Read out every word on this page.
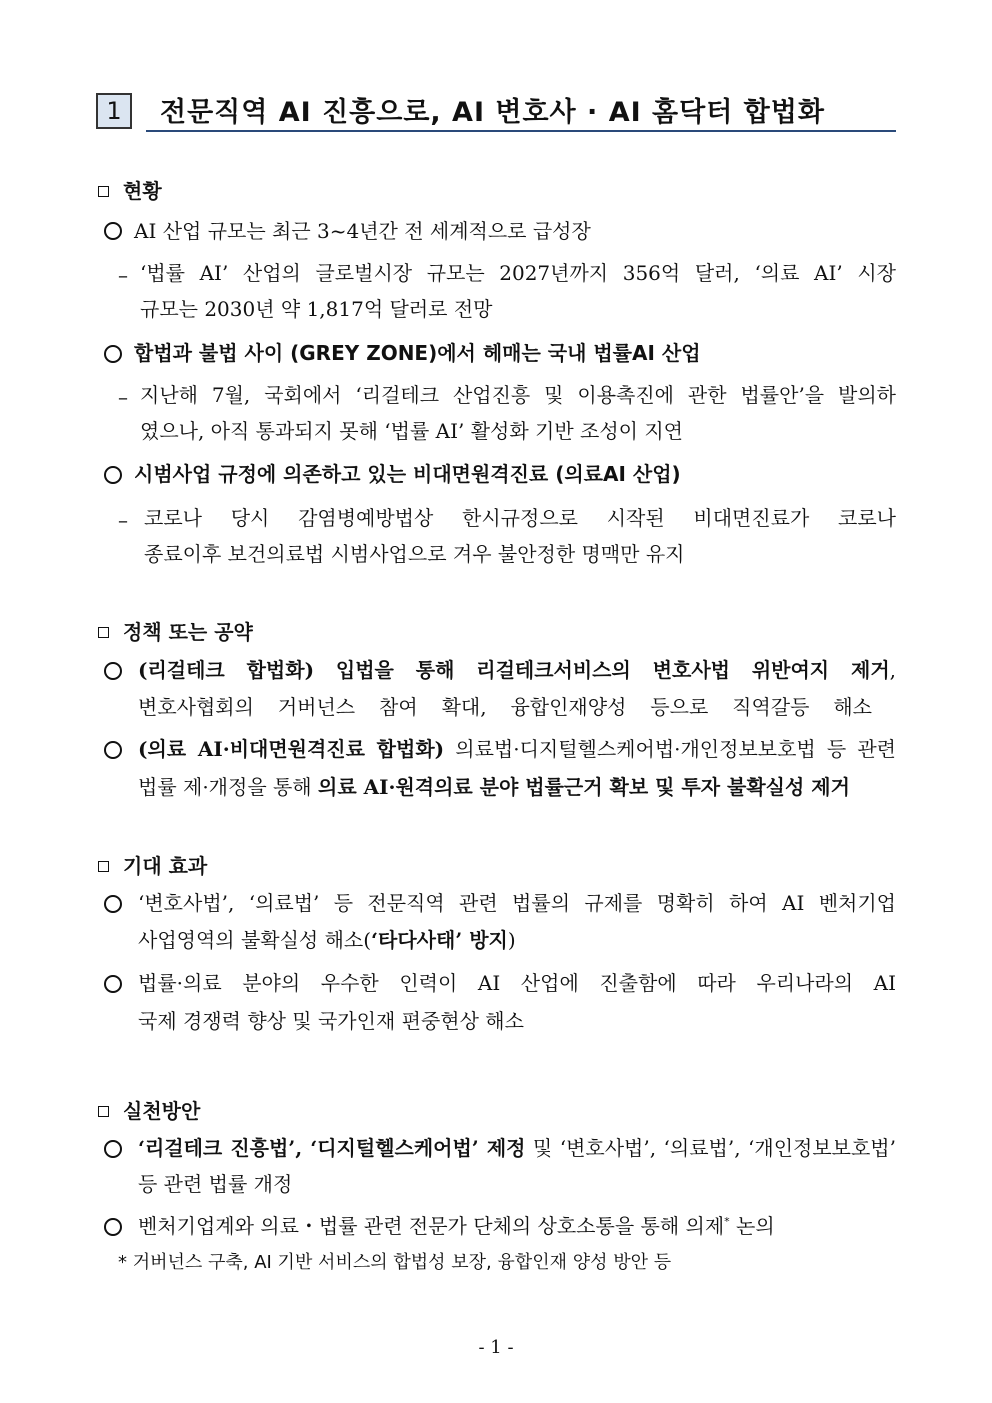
1	전문직역 AI 진흥으로, AI 변호사 · AI 홈닥터 합법화
현황
AI 산업 규모는 최근 3~4년간 전 세계적으로 급성장
– ‘법률 AI’ 산업의 글로벌시장 규모는 2027년까지 356억 달러, ‘의료 AI’ 시장
규모는 2030년 약 1,817억 달러로 전망
합법과 불법 사이 (GREY ZONE)에서 헤매는 국내 법률AI 산업
– 지난해 7월, 국회에서 ‘리걸테크 산업진흥 및 이용촉진에 관한 법률안’을 발의하
였으나, 아직 통과되지 못해 ‘법률 AI’ 활성화 기반 조성이 지연
시범사업 규정에 의존하고 있는 비대면원격진료 (의료AI 산업)
– 코로나 당시 감염병예방법상 한시규정으로 시작된 비대면진료가 코로나
종료이후 보건의료법 시범사업으로 겨우 불안정한 명맥만 유지
정책 또는 공약
(리걸테크 합법화) 입법을 통해 리걸테크서비스의 변호사법 위반여지 제거,
변호사협회의 거버넌스 참여 확대, 융합인재양성 등으로 직역갈등 해소
(의료 AI·비대면원격진료 합법화) 의료법·디지털헬스케어법·개인정보보호법 등 관련
법률 제·개정을 통해 의료 AI·원격의료 분야 법률근거 확보 및 투자 불확실성 제거
기대 효과
‘변호사법’, ‘의료법’ 등 전문직역 관련 법률의 규제를 명확히 하여 AI 벤처기업
사업영역의 불확실성 해소(‘타다사태’ 방지)
법률·의료 분야의 우수한 인력이 AI 산업에 진출함에 따라 우리나라의 AI
국제 경쟁력 향상 및 국가인재 편중현상 해소
실천방안
‘리걸테크 진흥법’, ‘디지털헬스케어법’ 제정 및 ‘변호사법’, ‘의료법’, ‘개인정보보호법’
등 관련 법률 개정
벤처기업계와 의료・법률 관련 전문가 단체의 상호소통을 통해 의제* 논의
* 거버넌스 구축, AI 기반 서비스의 합법성 보장, 융합인재 양성 방안 등
- 1 -
